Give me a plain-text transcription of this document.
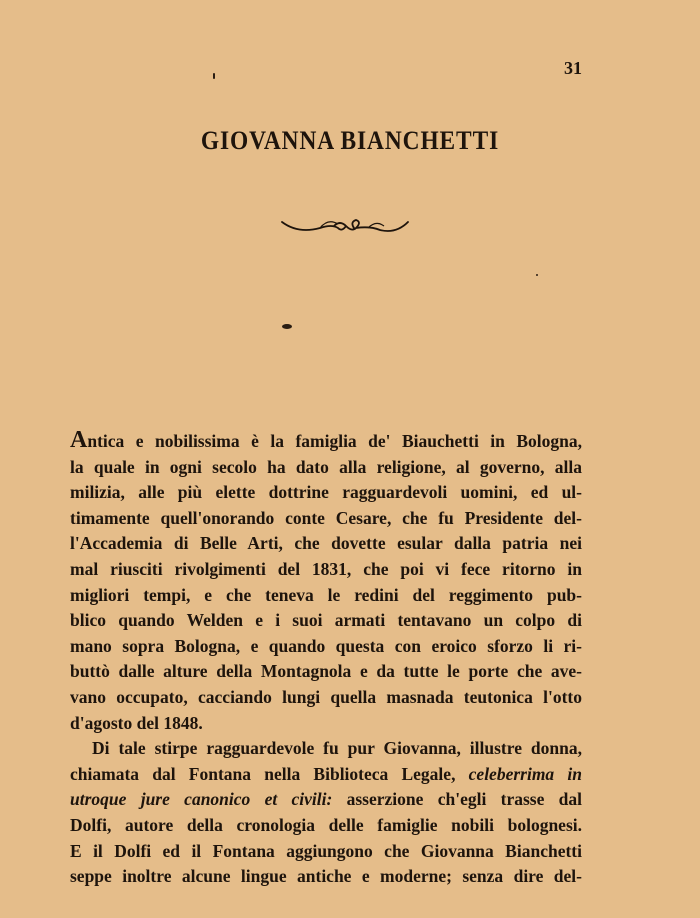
31
GIOVANNA BIANCHETTI

Antica e nobilissima è la famiglia de' Biauchetti in Bologna,
la quale in ogni secolo ha dato alla religione, al governo, alla
milizia, alle più elette dottrine ragguardevoli uomini, ed ul-
timamente quell'onorando conte Cesare, che fu Presidente del-
l'Accademia di Belle Arti, che dovette esular dalla patria nei
mal riusciti rivolgimenti del 1831, che poi vi fece ritorno in
migliori tempi, e che teneva le redini del reggimento pub-
blico quando Welden e i suoi armati tentavano un colpo di
mano sopra Bologna, e quando questa con eroico sforzo li ri-
buttò dalle alture della Montagnola e da tutte le porte che ave-
vano occupato, cacciando lungi quella masnada teutonica l'otto
d'agosto del 1848.

Di tale stirpe ragguardevole fu pur Giovanna, illustre donna,
chiamata dal Fontana nella Biblioteca Legale, celeberrima in
utroque jure canonico et civili: asserzione ch'egli trasse dal
Dolfi, autore della cronologia delle famiglie nobili bolognesi.
E il Dolfi ed il Fontana aggiungono che Giovanna Bianchetti
seppe inoltre alcune lingue antiche e moderne; senza dire del-
